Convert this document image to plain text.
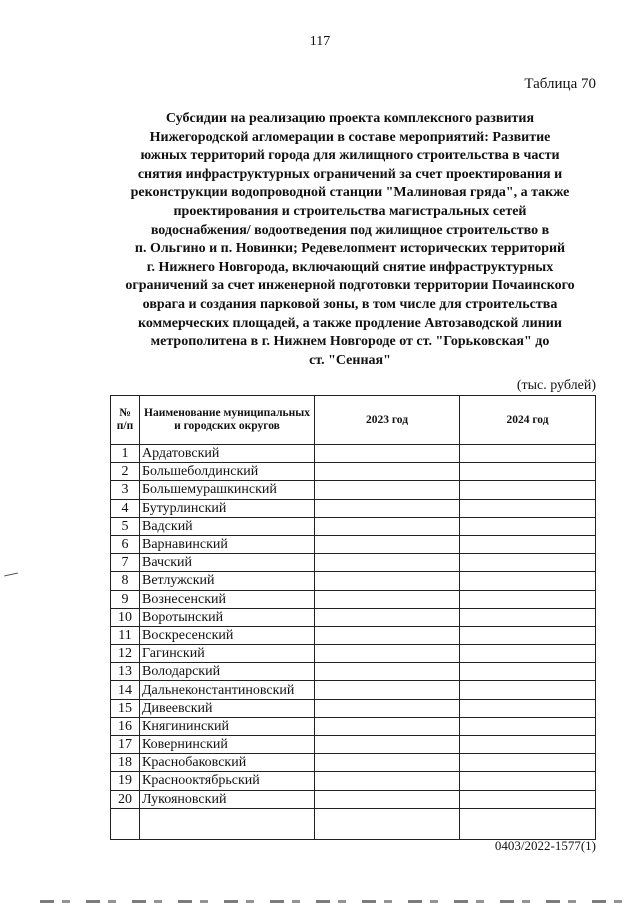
117
Таблица 70
Субсидии на реализацию проекта комплексного развития
Нижегородской агломерации в составе мероприятий: Развитие
южных территорий города для жилищного строительства в части
снятия инфраструктурных ограничений за счет проектирования и
реконструкции водопроводной станции "Малиновая гряда", а также
проектирования и строительства магистральных сетей
водоснабжения/ водоотведения под жилищное строительство в
п. Ольгино и п. Новинки; Редевелопмент исторических территорий
г. Нижнего Новгорода, включающий снятие инфраструктурных
ограничений за счет инженерной подготовки территории Почаинского
оврага и создания парковой зоны, в том числе для строительства
коммерческих площадей, а также продление Автозаводской линии
метрополитена в г. Нижнем Новгороде от ст. "Горьковская" до
ст. "Сенная"
(тыс. рублей)
№ п/п	Наименование муниципальных и городских округов	2023 год	2024 год
1	Ардатовский		
2	Большеболдинский		
3	Большемурашкинский		
4	Бутурлинский		
5	Вадский		
6	Варнавинский		
7	Вачский		
8	Ветлужский		
9	Вознесенский		
10	Воротынский		
11	Воскресенский		
12	Гагинский		
13	Володарский		
14	Дальнеконстантиновский		
15	Дивеевский		
16	Княгининский		
17	Ковернинский		
18	Краснобаковский		
19	Краснооктябрьский		
20	Лукояновский		

0403/2022-1577(1)
